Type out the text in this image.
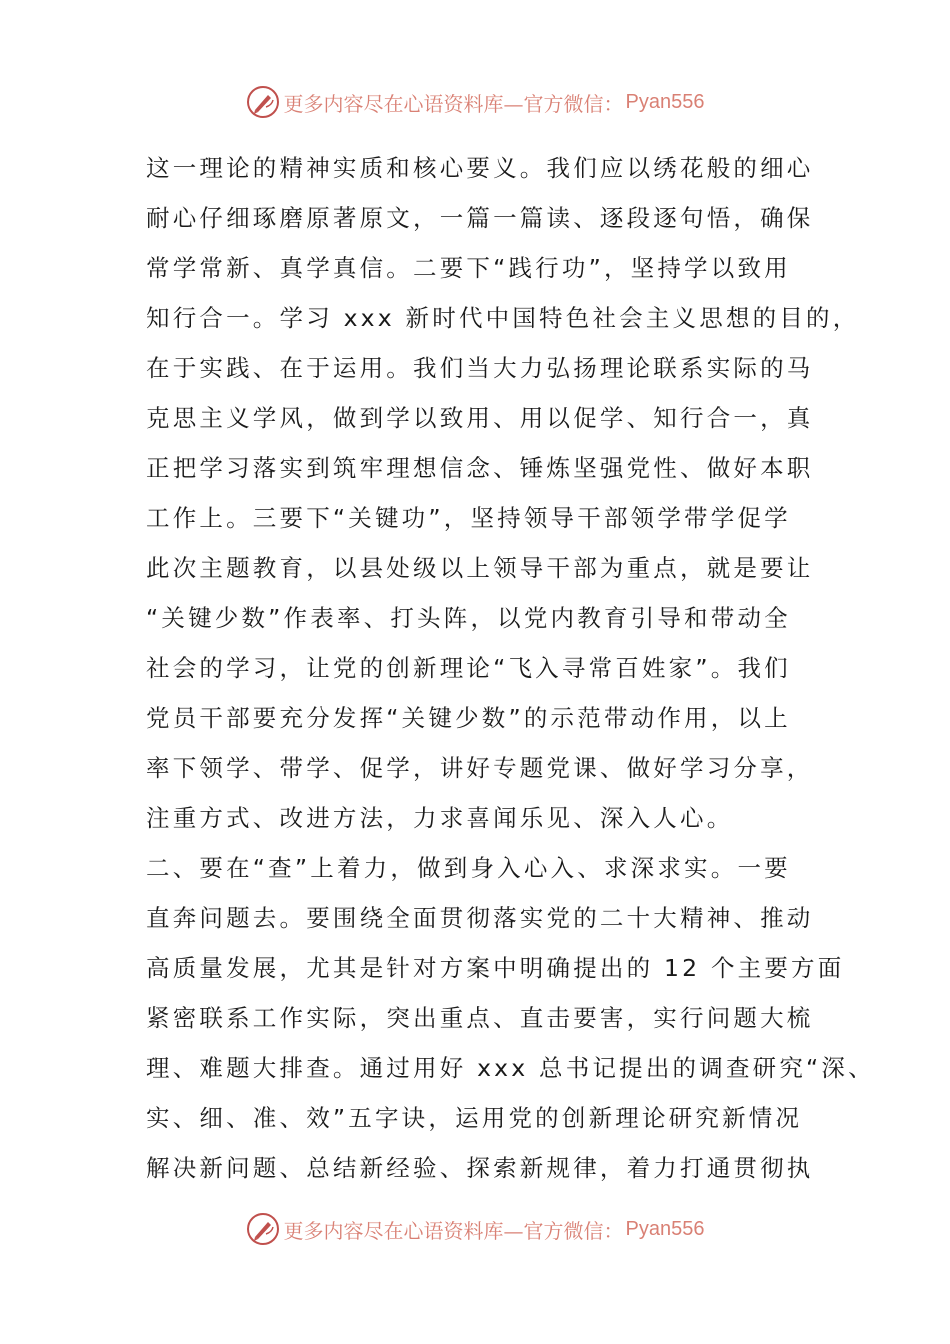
更多内容尽在心语资料库—官方微信： Pyan556
这一理论的精神实质和核心要义。我们应以绣花般的细心
耐心仔细琢磨原著原文，一篇一篇读、逐段逐句悟，确保
常学常新、真学真信。二要下“践行功”，坚持学以致用
知行合一。学习 xxx 新时代中国特色社会主义思想的目的，
在于实践、在于运用。我们当大力弘扬理论联系实际的马
克思主义学风，做到学以致用、用以促学、知行合一，真
正把学习落实到筑牢理想信念、锤炼坚强党性、做好本职
工作上。三要下“关键功”，坚持领导干部领学带学促学
此次主题教育，以县处级以上领导干部为重点，就是要让
“关键少数”作表率、打头阵，以党内教育引导和带动全
社会的学习，让党的创新理论“飞入寻常百姓家”。我们
党员干部要充分发挥“关键少数”的示范带动作用，以上
率下领学、带学、促学，讲好专题党课、做好学习分享，
注重方式、改进方法，力求喜闻乐见、深入人心。
二、要在“查”上着力，做到身入心入、求深求实。一要
直奔问题去。要围绕全面贯彻落实党的二十大精神、推动
高质量发展，尤其是针对方案中明确提出的 12 个主要方面
紧密联系工作实际，突出重点、直击要害，实行问题大梳
理、难题大排查。通过用好 xxx 总书记提出的调查研究“深、
实、细、准、效”五字诀，运用党的创新理论研究新情况
解决新问题、总结新经验、探索新规律，着力打通贯彻执
更多内容尽在心语资料库—官方微信： Pyan556
